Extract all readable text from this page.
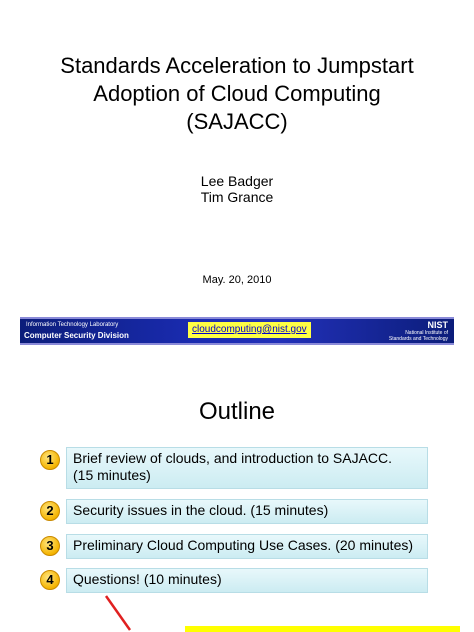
Standards Acceleration to Jumpstart
Adoption of Cloud Computing
(SAJACC)
Lee Badger
Tim Grance
May. 20, 2010
Information Technology Laboratory
Computer Security Division
cloudcomputing@nist.gov	NIST
National Institute of
Standards and Technology
Outline
1	Brief review of clouds, and introduction to SAJACC.
(15 minutes)
2	Security issues in the cloud. (15 minutes)
3	Preliminary Cloud Computing Use Cases. (20 minutes)
4	Questions! (10 minutes)
